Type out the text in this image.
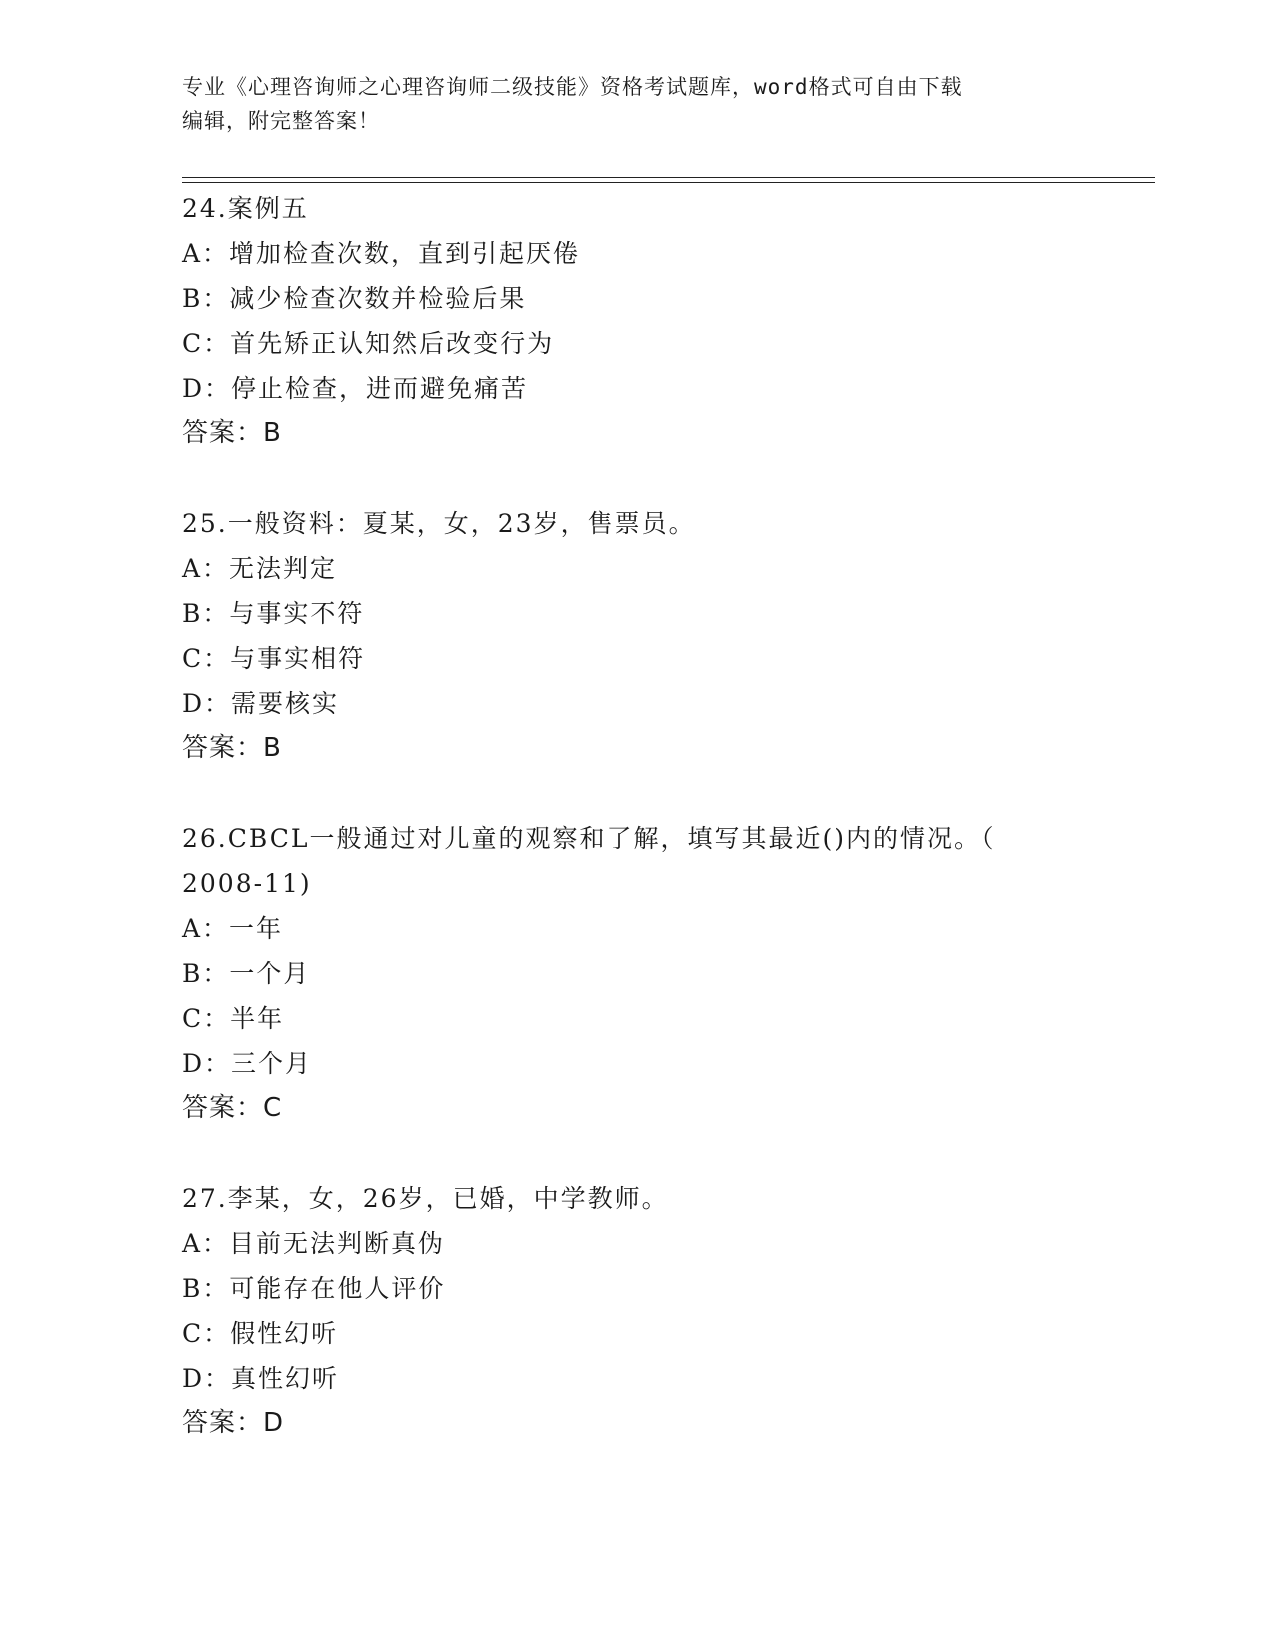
专业《心理咨询师之心理咨询师二级技能》资格考试题库，word格式可自由下载
编辑，附完整答案！
24.案例五
A：增加检查次数，直到引起厌倦
B：减少检查次数并检验后果
C：首先矫正认知然后改变行为
D：停止检查，进而避免痛苦
答案：B
25.一般资料：夏某，女，23岁，售票员。
A：无法判定
B：与事实不符
C：与事实相符
D：需要核实
答案：B
26.CBCL一般通过对儿童的观察和了解，填写其最近()内的情况。（
2008-11)
A：一年
B：一个月
C：半年
D：三个月
答案：C
27.李某，女，26岁，已婚，中学教师。
A：目前无法判断真伪
B：可能存在他人评价
C：假性幻听
D：真性幻听
答案：D
